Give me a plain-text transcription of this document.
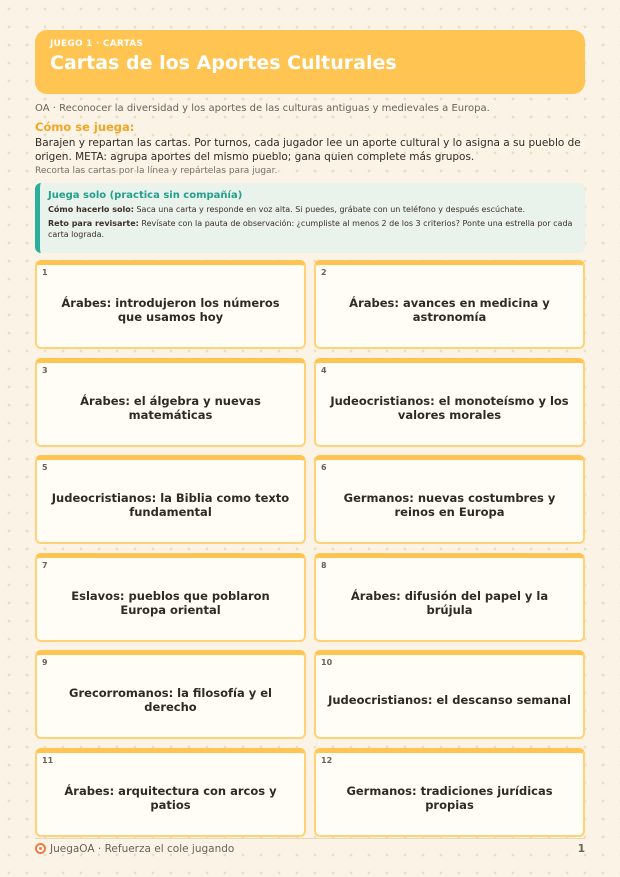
JUEGO 1 · CARTAS
Cartas de los Aportes Culturales
OA · Reconocer la diversidad y los aportes de las culturas antiguas y medievales a Europa.
Cómo se juega:
Barajen y repartan las cartas. Por turnos, cada jugador lee un aporte cultural y lo asigna a su pueblo de origen. META: agrupa aportes del mismo pueblo; gana quien complete más grupos.
Recorta las cartas por la línea y repártelas para jugar.
Juega solo (practica sin compañía)
Cómo hacerlo solo: Saca una carta y responde en voz alta. Si puedes, grábate con un teléfono y después escúchate.
Reto para revisarte: Revísate con la pauta de observación: ¿cumpliste al menos 2 de los 3 criterios? Ponte una estrella por cada carta lograda.
1
Árabes: introdujeron los números que usamos hoy
2
Árabes: avances en medicina y astronomía
3
Árabes: el álgebra y nuevas matemáticas
4
Judeocristianos: el monoteísmo y los valores morales
5
Judeocristianos: la Biblia como texto fundamental
6
Germanos: nuevas costumbres y reinos en Europa
7
Eslavos: pueblos que poblaron Europa oriental
8
Árabes: difusión del papel y la brújula
9
Grecorromanos: la filosofía y el derecho
10
Judeocristianos: el descanso semanal
11
Árabes: arquitectura con arcos y patios
12
Germanos: tradiciones jurídicas propias
JuegaOA · Refuerza el cole jugando	1
